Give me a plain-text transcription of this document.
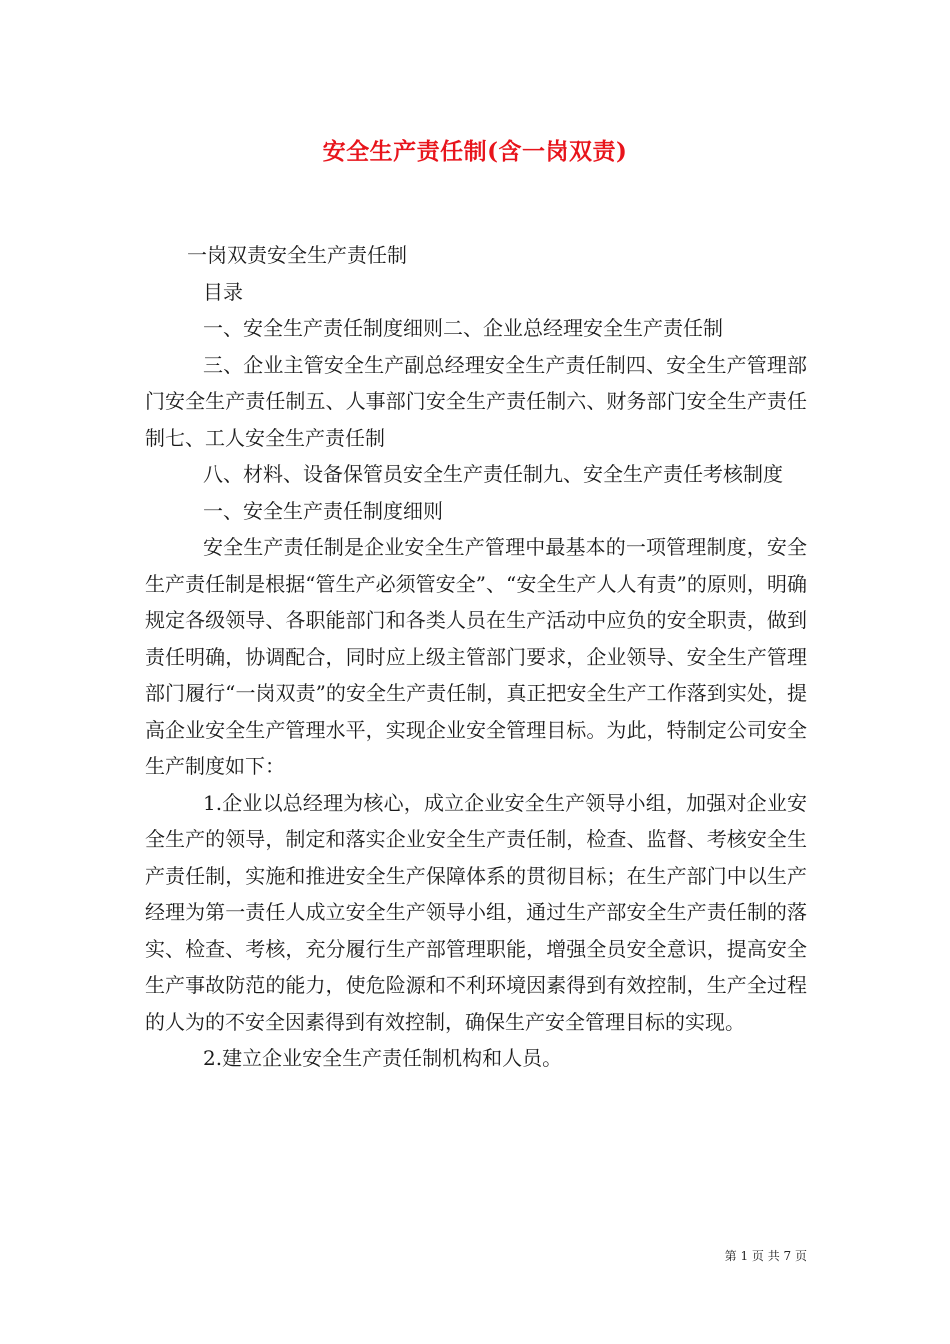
安全生产责任制(含一岗双责)

一岗双责安全生产责任制

目录

一、安全生产责任制度细则二、企业总经理安全生产责任制

三、企业主管安全生产副总经理安全生产责任制四、安全生产管理部门安全生产责任制五、人事部门安全生产责任制六、财务部门安全生产责任制七、工人安全生产责任制

八、材料、设备保管员安全生产责任制九、安全生产责任考核制度

一、安全生产责任制度细则

安全生产责任制是企业安全生产管理中最基本的一项管理制度，安全生产责任制是根据“管生产必须管安全”、“安全生产人人有责”的原则，明确规定各级领导、各职能部门和各类人员在生产活动中应负的安全职责，做到责任明确，协调配合，同时应上级主管部门要求，企业领导、安全生产管理部门履行“一岗双责”的安全生产责任制，真正把安全生产工作落到实处，提高企业安全生产管理水平，实现企业安全管理目标。为此，特制定公司安全生产制度如下：

1.企业以总经理为核心，成立企业安全生产领导小组，加强对企业安全生产的领导，制定和落实企业安全生产责任制，检查、监督、考核安全生产责任制，实施和推进安全生产保障体系的贯彻目标；在生产部门中以生产经理为第一责任人成立安全生产领导小组，通过生产部安全生产责任制的落实、检查、考核，充分履行生产部管理职能，增强全员安全意识，提高安全生产事故防范的能力，使危险源和不利环境因素得到有效控制，生产全过程的人为的不安全因素得到有效控制，确保生产安全管理目标的实现。

2.建立企业安全生产责任制机构和人员。

第 1 页 共 7 页
